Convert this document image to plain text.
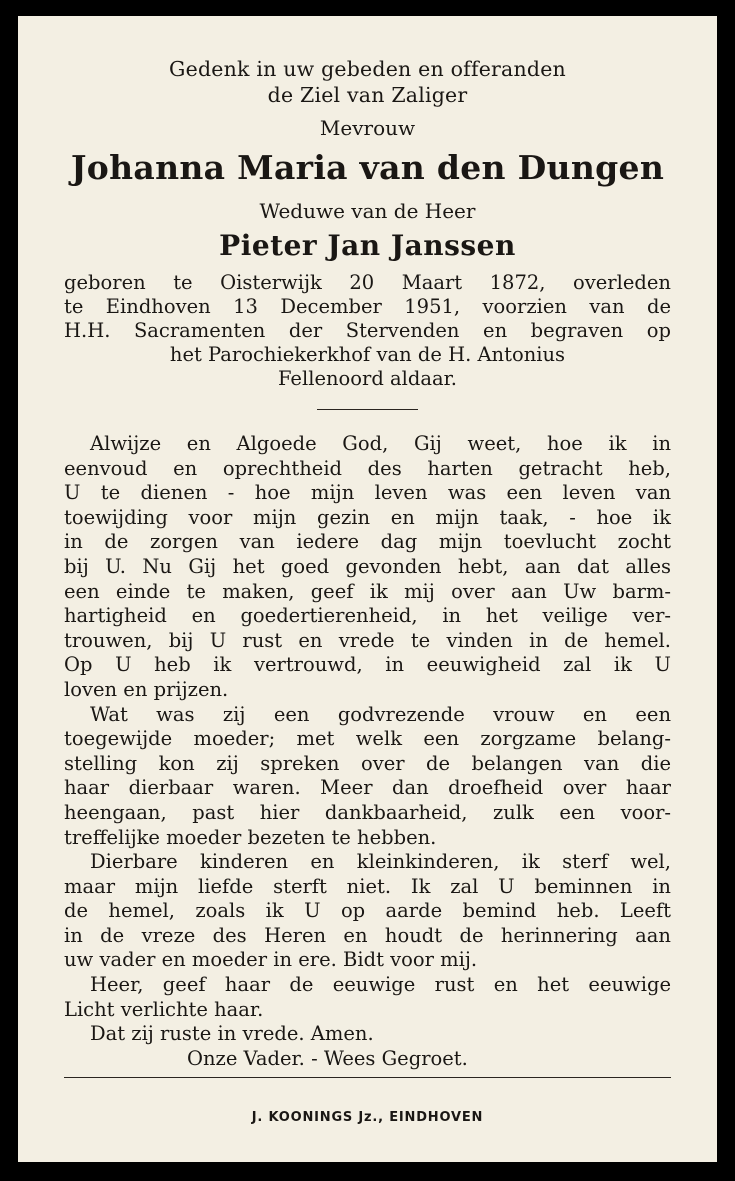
Gedenk in uw gebeden en offeranden
de Ziel van Zaliger
Mevrouw
Johanna Maria van den Dungen
Weduwe van de Heer
Pieter Jan Janssen
geboren te Oisterwijk 20 Maart 1872, overleden
te Eindhoven 13 December 1951, voorzien van de
H.H. Sacramenten der Stervenden en begraven op
het Parochiekerkhof van de H. Antonius
Fellenoord aldaar.
Alwijze en Algoede God, Gij weet, hoe ik in
eenvoud en oprechtheid des harten getracht heb,
U te dienen - hoe mijn leven was een leven van
toewijding voor mijn gezin en mijn taak, - hoe ik
in de zorgen van iedere dag mijn toevlucht zocht
bij U. Nu Gij het goed gevonden hebt, aan dat alles
een einde te maken, geef ik mij over aan Uw barm-
hartigheid en goedertierenheid, in het veilige ver-
trouwen, bij U rust en vrede te vinden in de hemel.
Op U heb ik vertrouwd, in eeuwigheid zal ik U
loven en prijzen.
Wat was zij een godvrezende vrouw en een
toegewijde moeder; met welk een zorgzame belang-
stelling kon zij spreken over de belangen van die
haar dierbaar waren. Meer dan droefheid over haar
heengaan, past hier dankbaarheid, zulk een voor-
treffelijke moeder bezeten te hebben.
Dierbare kinderen en kleinkinderen, ik sterf wel,
maar mijn liefde sterft niet. Ik zal U beminnen in
de hemel, zoals ik U op aarde bemind heb. Leeft
in de vreze des Heren en houdt de herinnering aan
uw vader en moeder in ere. Bidt voor mij.
Heer, geef haar de eeuwige rust en het eeuwige
Licht verlichte haar.
Dat zij ruste in vrede. Amen.
Onze Vader. - Wees Gegroet.
J. KOONINGS Jz., EINDHOVEN
